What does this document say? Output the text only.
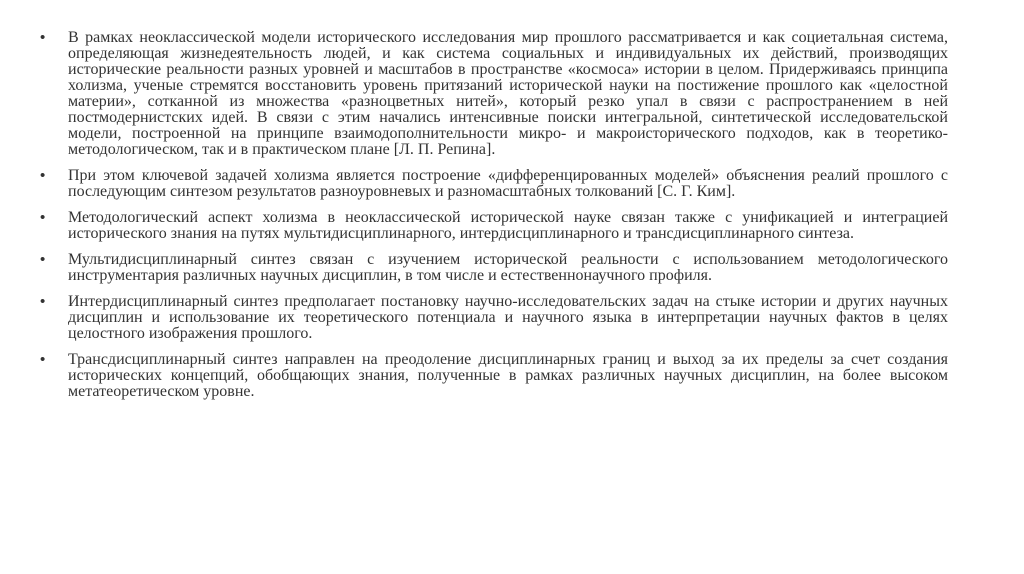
• В рамках неоклассической модели исторического исследования мир прошлого рассматривается и как социетальная система, определяющая жизнедеятельность людей, и как система социальных и индивидуальных их действий, производящих исторические реальности разных уровней и масштабов в пространстве «космоса» истории в целом. Придерживаясь принципа холизма, ученые стремятся восстановить уровень притязаний исторической науки на постижение прошлого как «целостной материи», сотканной из множества «разноцветных нитей», который резко упал в связи с распространением в ней постмодернистских идей. В связи с этим начались интенсивные поиски интегральной, синтетической исследовательской модели, построенной на принципе взаимодополнительности микро- и макроисторического подходов, как в теоретико-методологическом, так и в практическом плане [Л. П. Репина].
• При этом ключевой задачей холизма является построение «дифференцированных моделей» объяснения реалий прошлого с последующим синтезом результатов разноуровневых и разномасштабных толкований [С. Г. Ким].
• Методологический аспект холизма в неоклассической исторической науке связан также с унификацией и интеграцией исторического знания на путях мультидисциплинарного, интердисциплинарного и трансдисциплинарного синтеза.
• Мультидисциплинарный синтез связан с изучением исторической реальности с использованием методологического инструментария различных научных дисциплин, в том числе и естественнонаучного профиля.
• Интердисциплинарный синтез предполагает постановку научно-исследовательских задач на стыке истории и других научных дисциплин и использование их теоретического потенциала и научного языка в интерпретации научных фактов в целях целостного изображения прошлого.
• Трансдисциплинарный синтез направлен на преодоление дисциплинарных границ и выход за их пределы за счет создания исторических концепций, обобщающих знания, полученные в рамках различных научных дисциплин, на более высоком метатеоретическом уровне.
